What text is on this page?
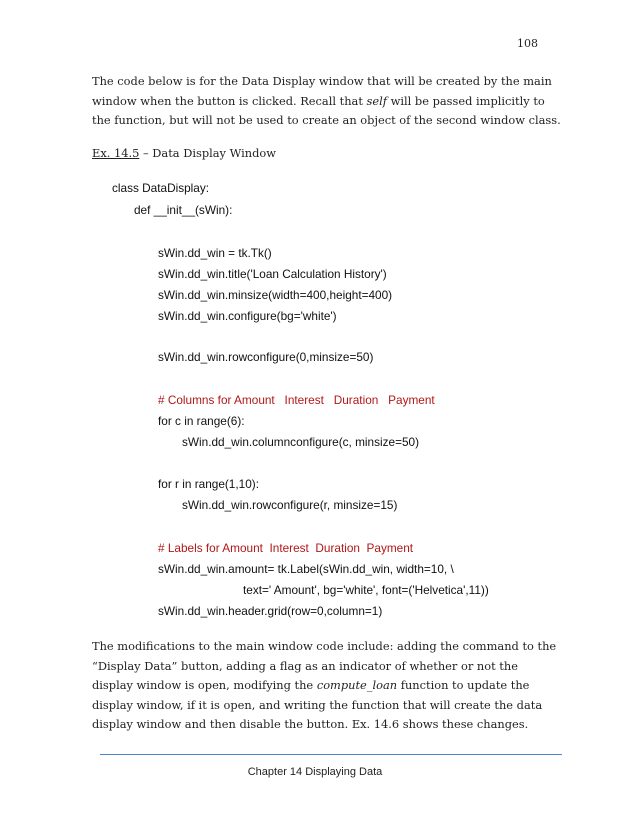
108
The code below is for the Data Display window that will be created by the main
window when the button is clicked. Recall that self will be passed implicitly to
the function, but will not be used to create an object of the second window class.
Ex. 14.5 – Data Display Window
class DataDisplay:
def __init__(sWin):
sWin.dd_win = tk.Tk()
sWin.dd_win.title('Loan Calculation History')
sWin.dd_win.minsize(width=400,height=400)
sWin.dd_win.configure(bg='white')
sWin.dd_win.rowconfigure(0,minsize=50)
# Columns for Amount   Interest   Duration   Payment
for c in range(6):
sWin.dd_win.columnconfigure(c, minsize=50)
for r in range(1,10):
sWin.dd_win.rowconfigure(r, minsize=15)
# Labels for Amount  Interest  Duration  Payment
sWin.dd_win.amount= tk.Label(sWin.dd_win, width=10, \
text=' Amount', bg='white', font=('Helvetica',11))
sWin.dd_win.header.grid(row=0,column=1)
The modifications to the main window code include: adding the command to the
“Display Data” button, adding a flag as an indicator of whether or not the
display window is open, modifying the compute_loan function to update the
display window, if it is open, and writing the function that will create the data
display window and then disable the button. Ex. 14.6 shows these changes.
Chapter 14 Displaying Data
